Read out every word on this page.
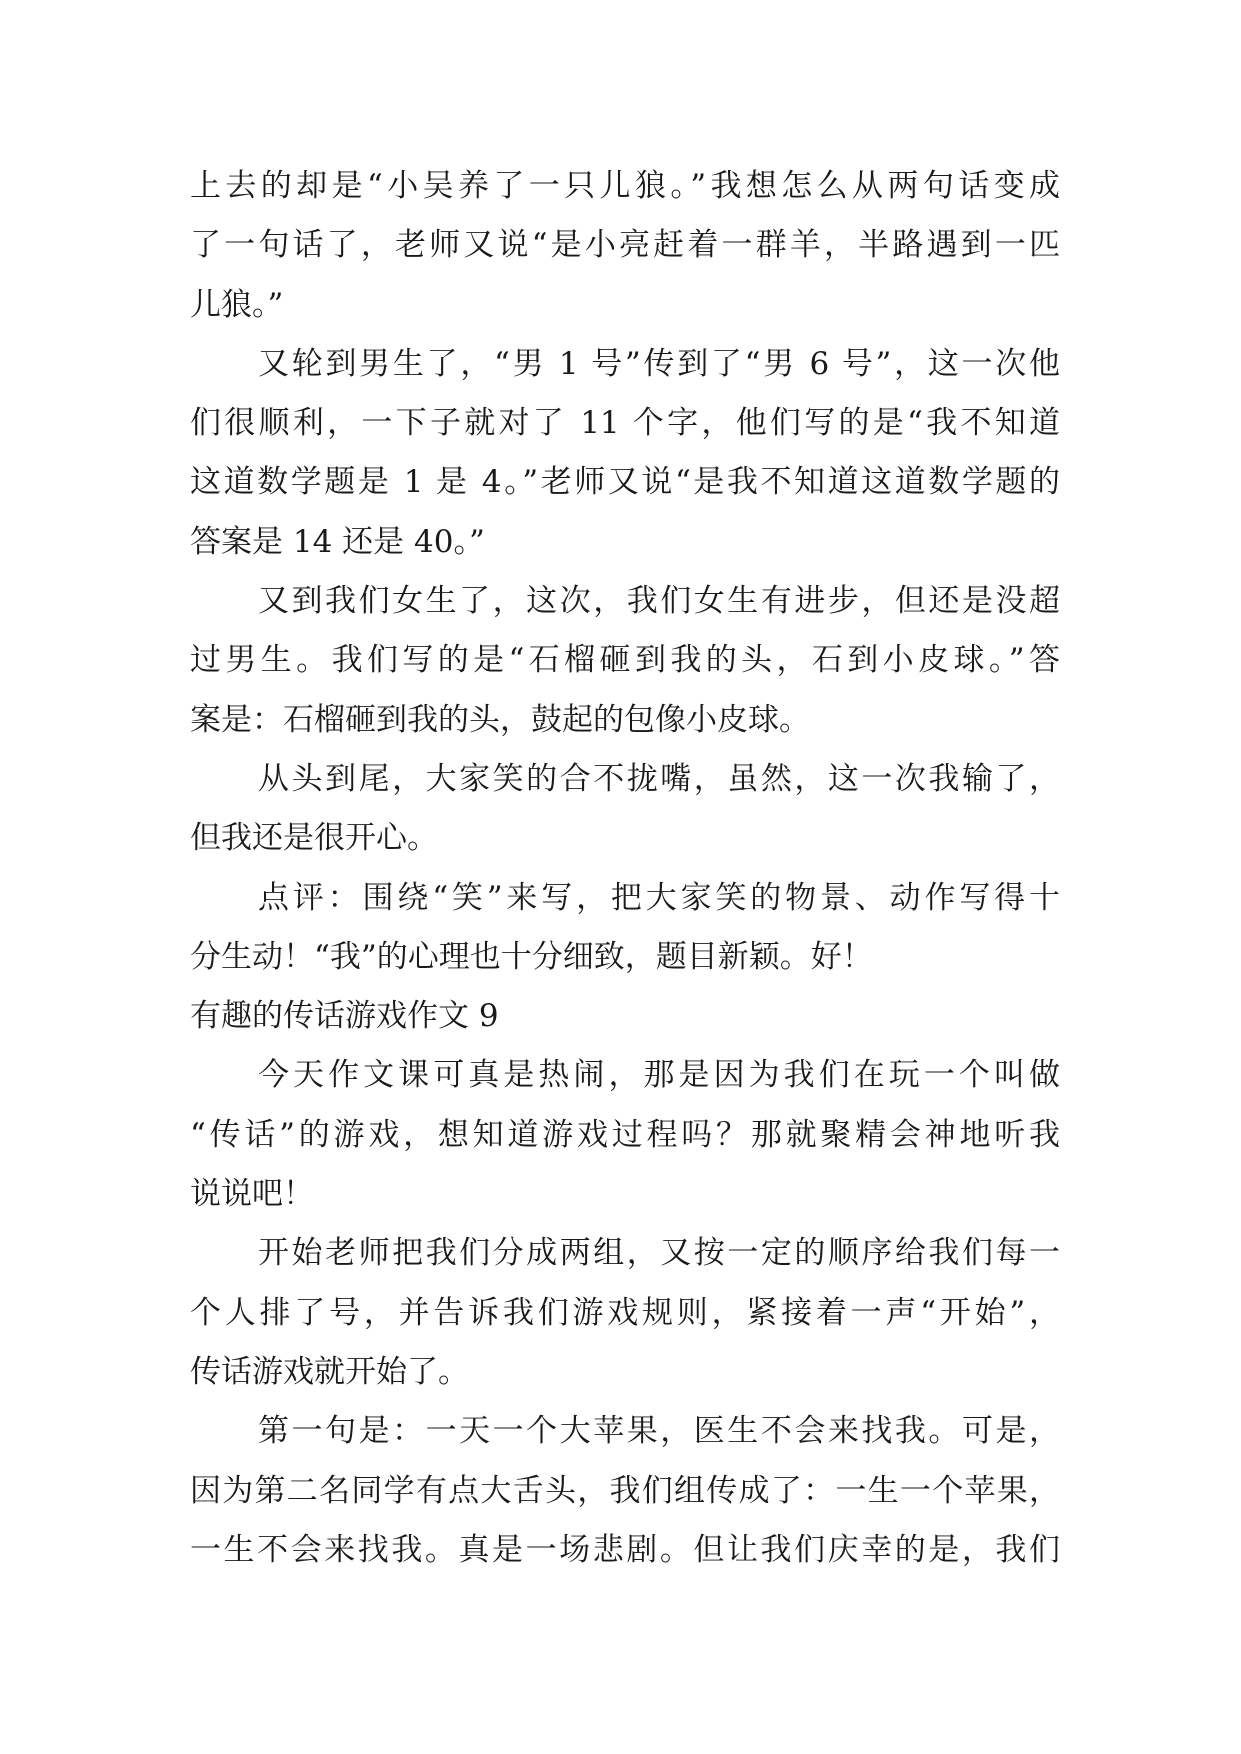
上去的却是“小吴养了一只儿狼。”我想怎么从两句话变成
了一句话了，老师又说“是小亮赶着一群羊，半路遇到一匹
儿狼。”
又轮到男生了，“男 1 号”传到了“男 6 号”，这一次他
们很顺利，一下子就对了 11 个字，他们写的是“我不知道
这道数学题是 1 是 4。”老师又说“是我不知道这道数学题的
答案是 14 还是 40。”
又到我们女生了，这次，我们女生有进步，但还是没超
过男生。我们写的是“石榴砸到我的头，石到小皮球。”答
案是：石榴砸到我的头，鼓起的包像小皮球。
从头到尾，大家笑的合不拢嘴，虽然，这一次我输了，
但我还是很开心。
点评：围绕“笑”来写，把大家笑的物景、动作写得十
分生动！“我”的心理也十分细致，题目新颖。好！
有趣的传话游戏作文 9
今天作文课可真是热闹，那是因为我们在玩一个叫做
“传话”的游戏，想知道游戏过程吗？那就聚精会神地听我
说说吧！
开始老师把我们分成两组，又按一定的顺序给我们每一
个人排了号，并告诉我们游戏规则，紧接着一声“开始”，
传话游戏就开始了。
第一句是：一天一个大苹果，医生不会来找我。可是，
因为第二名同学有点大舌头，我们组传成了：一生一个苹果，
一生不会来找我。真是一场悲剧。但让我们庆幸的是，我们
